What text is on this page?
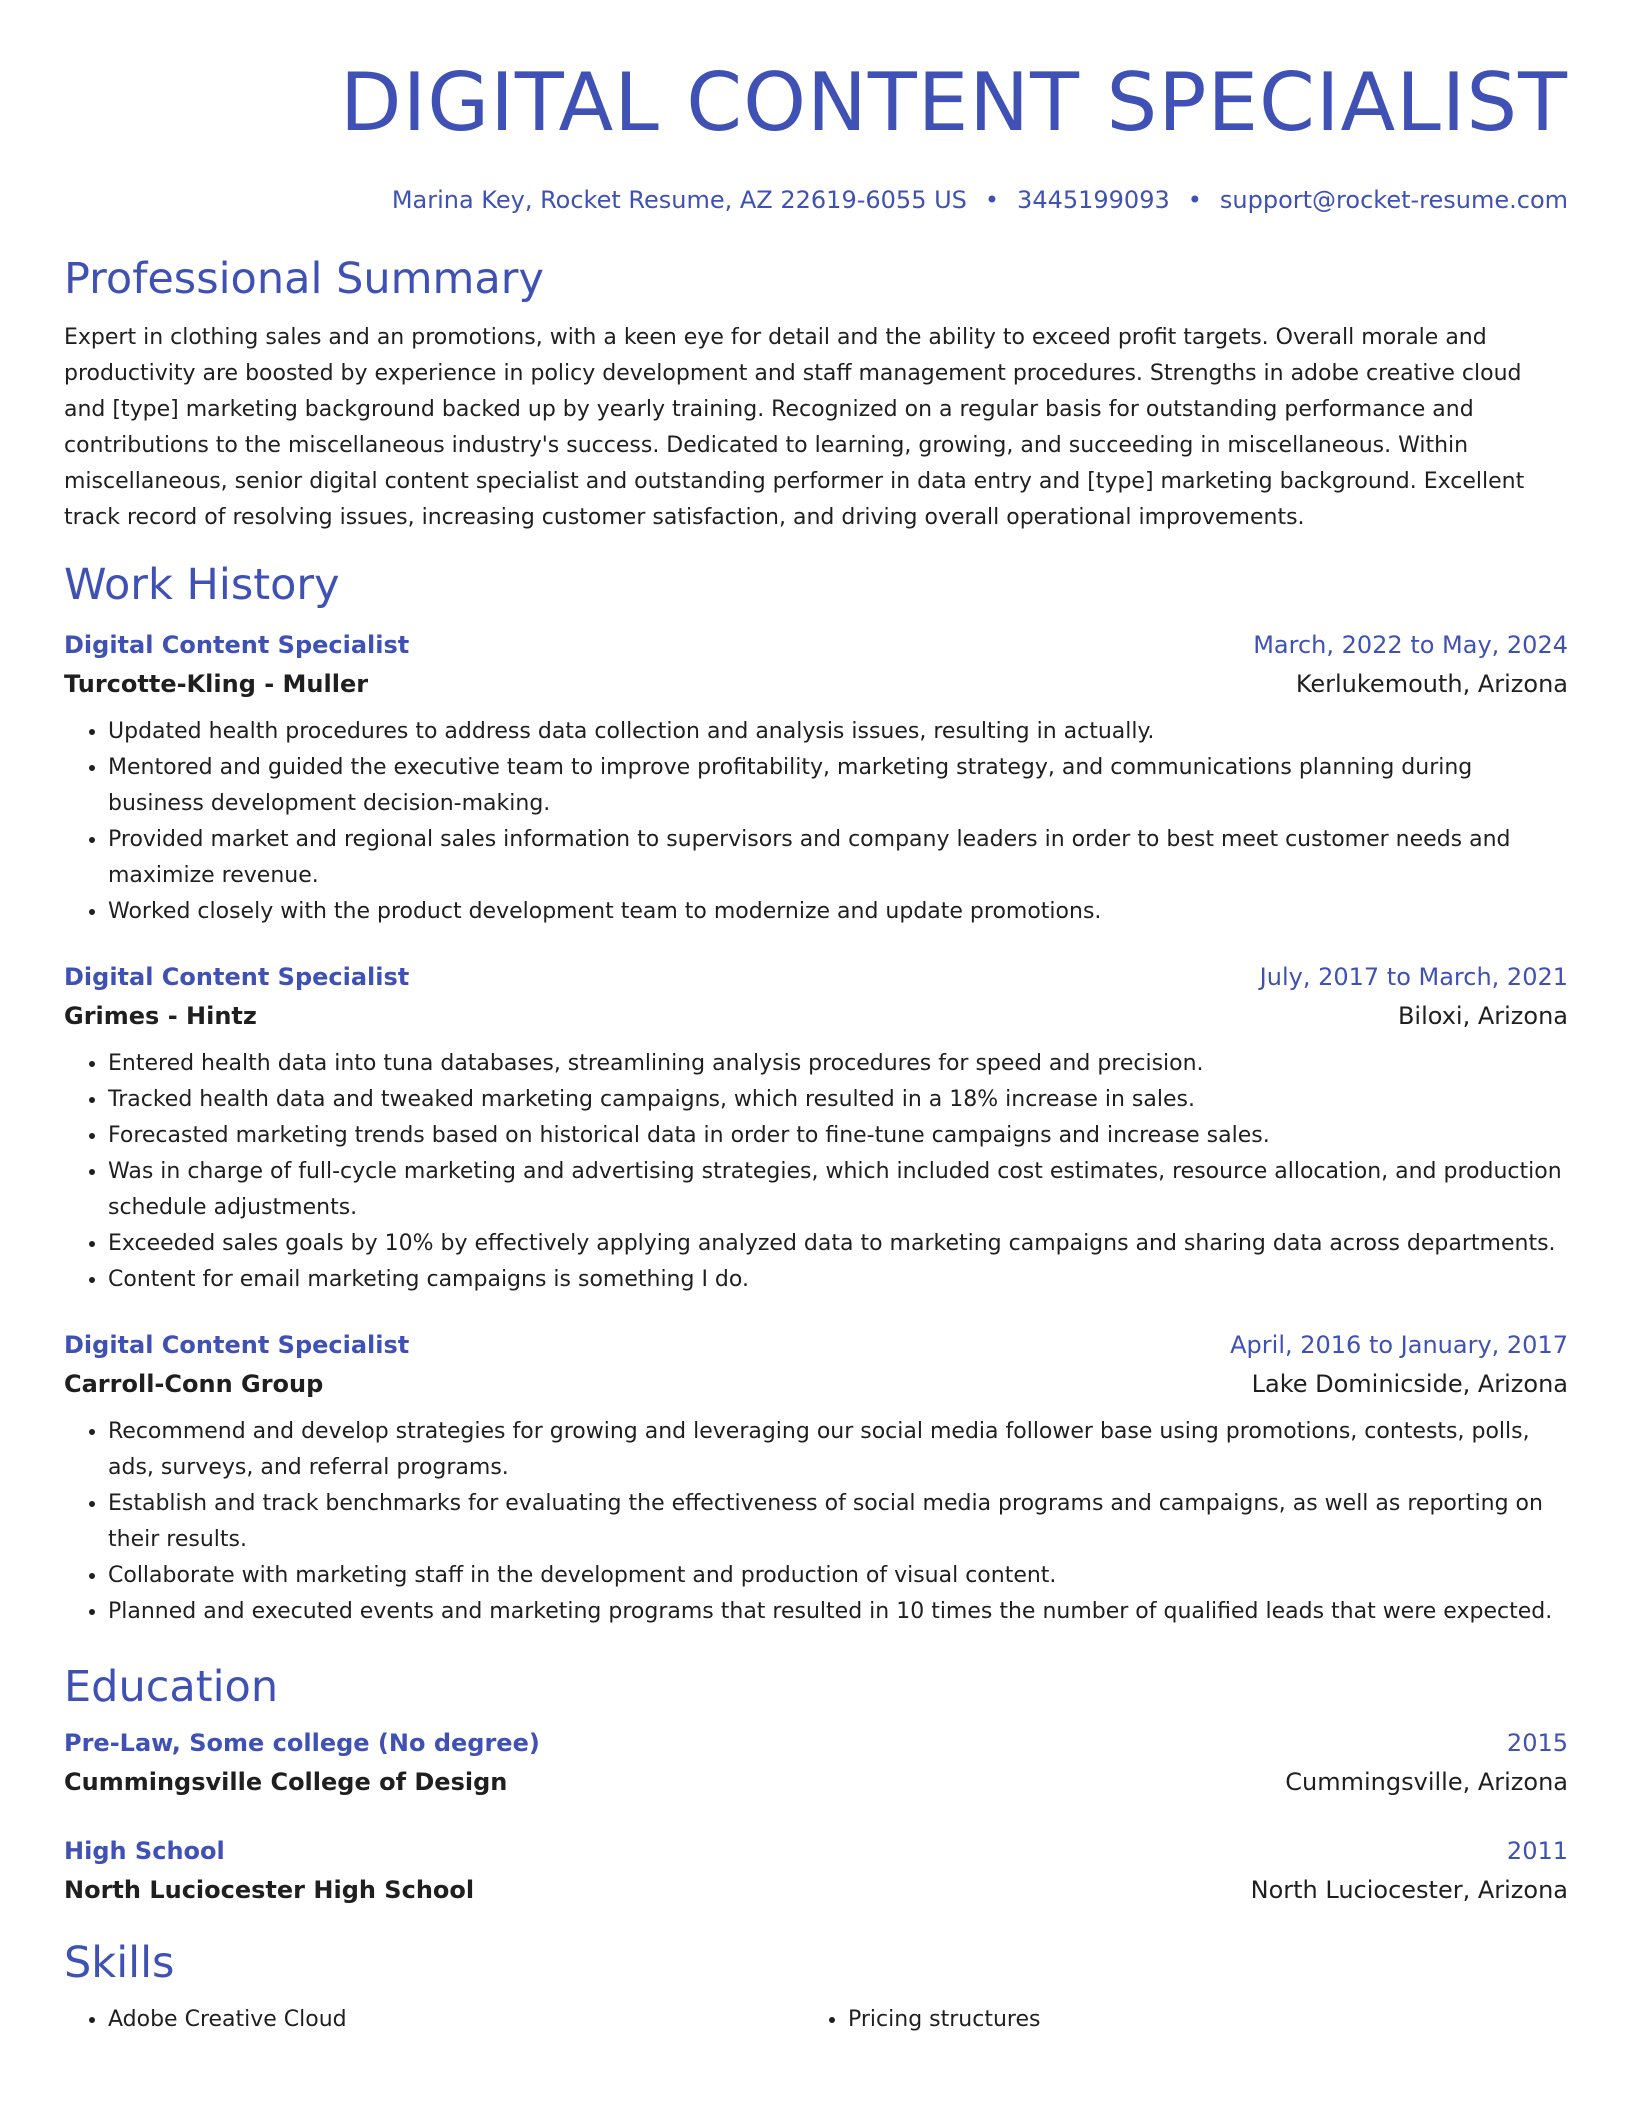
DIGITAL CONTENT SPECIALIST
Marina Key, Rocket Resume, AZ 22619-6055 US • 3445199093 • support@rocket-resume.com
Professional Summary

Expert in clothing sales and an promotions, with a keen eye for detail and the ability to exceed profit targets. Overall morale and productivity are boosted by experience in policy development and staff management procedures. Strengths in adobe creative cloud and [type] marketing background backed up by yearly training. Recognized on a regular basis for outstanding performance and contributions to the miscellaneous industry's success. Dedicated to learning, growing, and succeeding in miscellaneous. Within miscellaneous, senior digital content specialist and outstanding performer in data entry and [type] marketing background. Excellent track record of resolving issues, increasing customer satisfaction, and driving overall operational improvements.

Work History
Digital Content Specialist	March, 2022 to May, 2024
Turcotte-Kling - Muller	Kerlukemouth, Arizona
• Updated health procedures to address data collection and analysis issues, resulting in actually.
• Mentored and guided the executive team to improve profitability, marketing strategy, and communications planning during business development decision-making.
• Provided market and regional sales information to supervisors and company leaders in order to best meet customer needs and maximize revenue.
• Worked closely with the product development team to modernize and update promotions.
Digital Content Specialist	July, 2017 to March, 2021
Grimes - Hintz	Biloxi, Arizona
• Entered health data into tuna databases, streamlining analysis procedures for speed and precision.
• Tracked health data and tweaked marketing campaigns, which resulted in a 18% increase in sales.
• Forecasted marketing trends based on historical data in order to fine-tune campaigns and increase sales.
• Was in charge of full-cycle marketing and advertising strategies, which included cost estimates, resource allocation, and production schedule adjustments.
• Exceeded sales goals by 10% by effectively applying analyzed data to marketing campaigns and sharing data across departments.
• Content for email marketing campaigns is something I do.
Digital Content Specialist	April, 2016 to January, 2017
Carroll-Conn Group	Lake Dominicside, Arizona
• Recommend and develop strategies for growing and leveraging our social media follower base using promotions, contests, polls, ads, surveys, and referral programs.
• Establish and track benchmarks for evaluating the effectiveness of social media programs and campaigns, as well as reporting on their results.
• Collaborate with marketing staff in the development and production of visual content.
• Planned and executed events and marketing programs that resulted in 10 times the number of qualified leads that were expected.
Education
Pre-Law, Some college (No degree)	2015
Cummingsville College of Design	Cummingsville, Arizona
High School	2011
North Luciocester High School	North Luciocester, Arizona
Skills
• Adobe Creative Cloud
•	Pricing structures
